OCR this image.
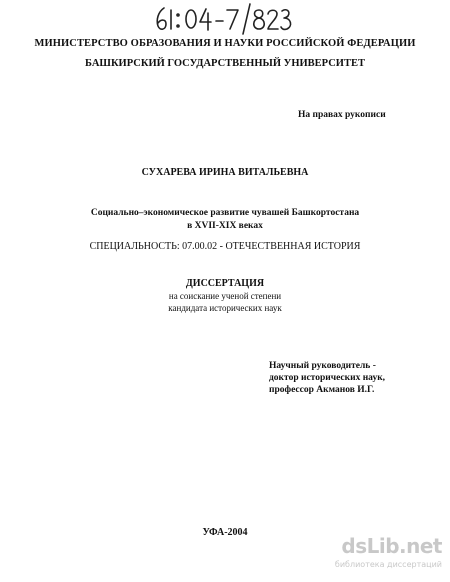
МИНИСТЕРСТВО ОБРАЗОВАНИЯ И НАУКИ РОССИЙСКОЙ ФЕДЕРАЦИИ
БАШКИРСКИЙ ГОСУДАРСТВЕННЫЙ УНИВЕРСИТЕТ
На правах рукописи
СУХАРЕВА ИРИНА ВИТАЛЬЕВНА
Социально–экономическое развитие чувашей Башкортостана
в XVII-XIX веках
СПЕЦИАЛЬНОСТЬ: 07.00.02 - ОТЕЧЕСТВЕННАЯ ИСТОРИЯ
ДИССЕРТАЦИЯ
на соискание ученой степени
кандидата исторических наук
Научный руководитель -
доктор исторических наук,
профессор Акманов И.Г.
УФА-2004
dsLib.net
библиотека диссертаций
